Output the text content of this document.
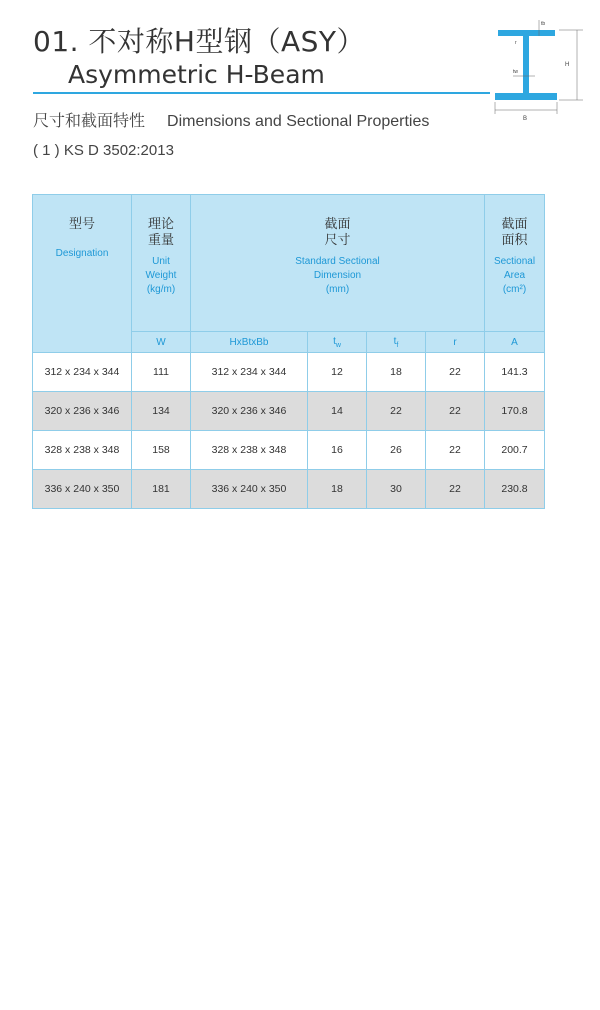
01. 不对称H型钢（ASY）
Asymmetric H-Beam
尺寸和截面特性 Dimensions and Sectional Properties
( 1 ) KS D 3502:2013
H
B
tb
r
tw
型号
Designation	理论
重量
Unit
Weight
(kg/m)	截面
尺寸
Standard Sectional
Dimension
(mm)				截面
面积
Sectional
Area
(cm²)

	W	HxBtxBb	$t_w$	$t_f$	r	A
312 x 234 x 344	111	312 x 234 x 344	12	18	22	141.3
320 x 236 x 346	134	320 x 236 x 346	14	22	22	170.8
328 x 238 x 348	158	328 x 238 x 348	16	26	22	200.7
336 x 240 x 350	181	336 x 240 x 350	18	30	22	230.8
